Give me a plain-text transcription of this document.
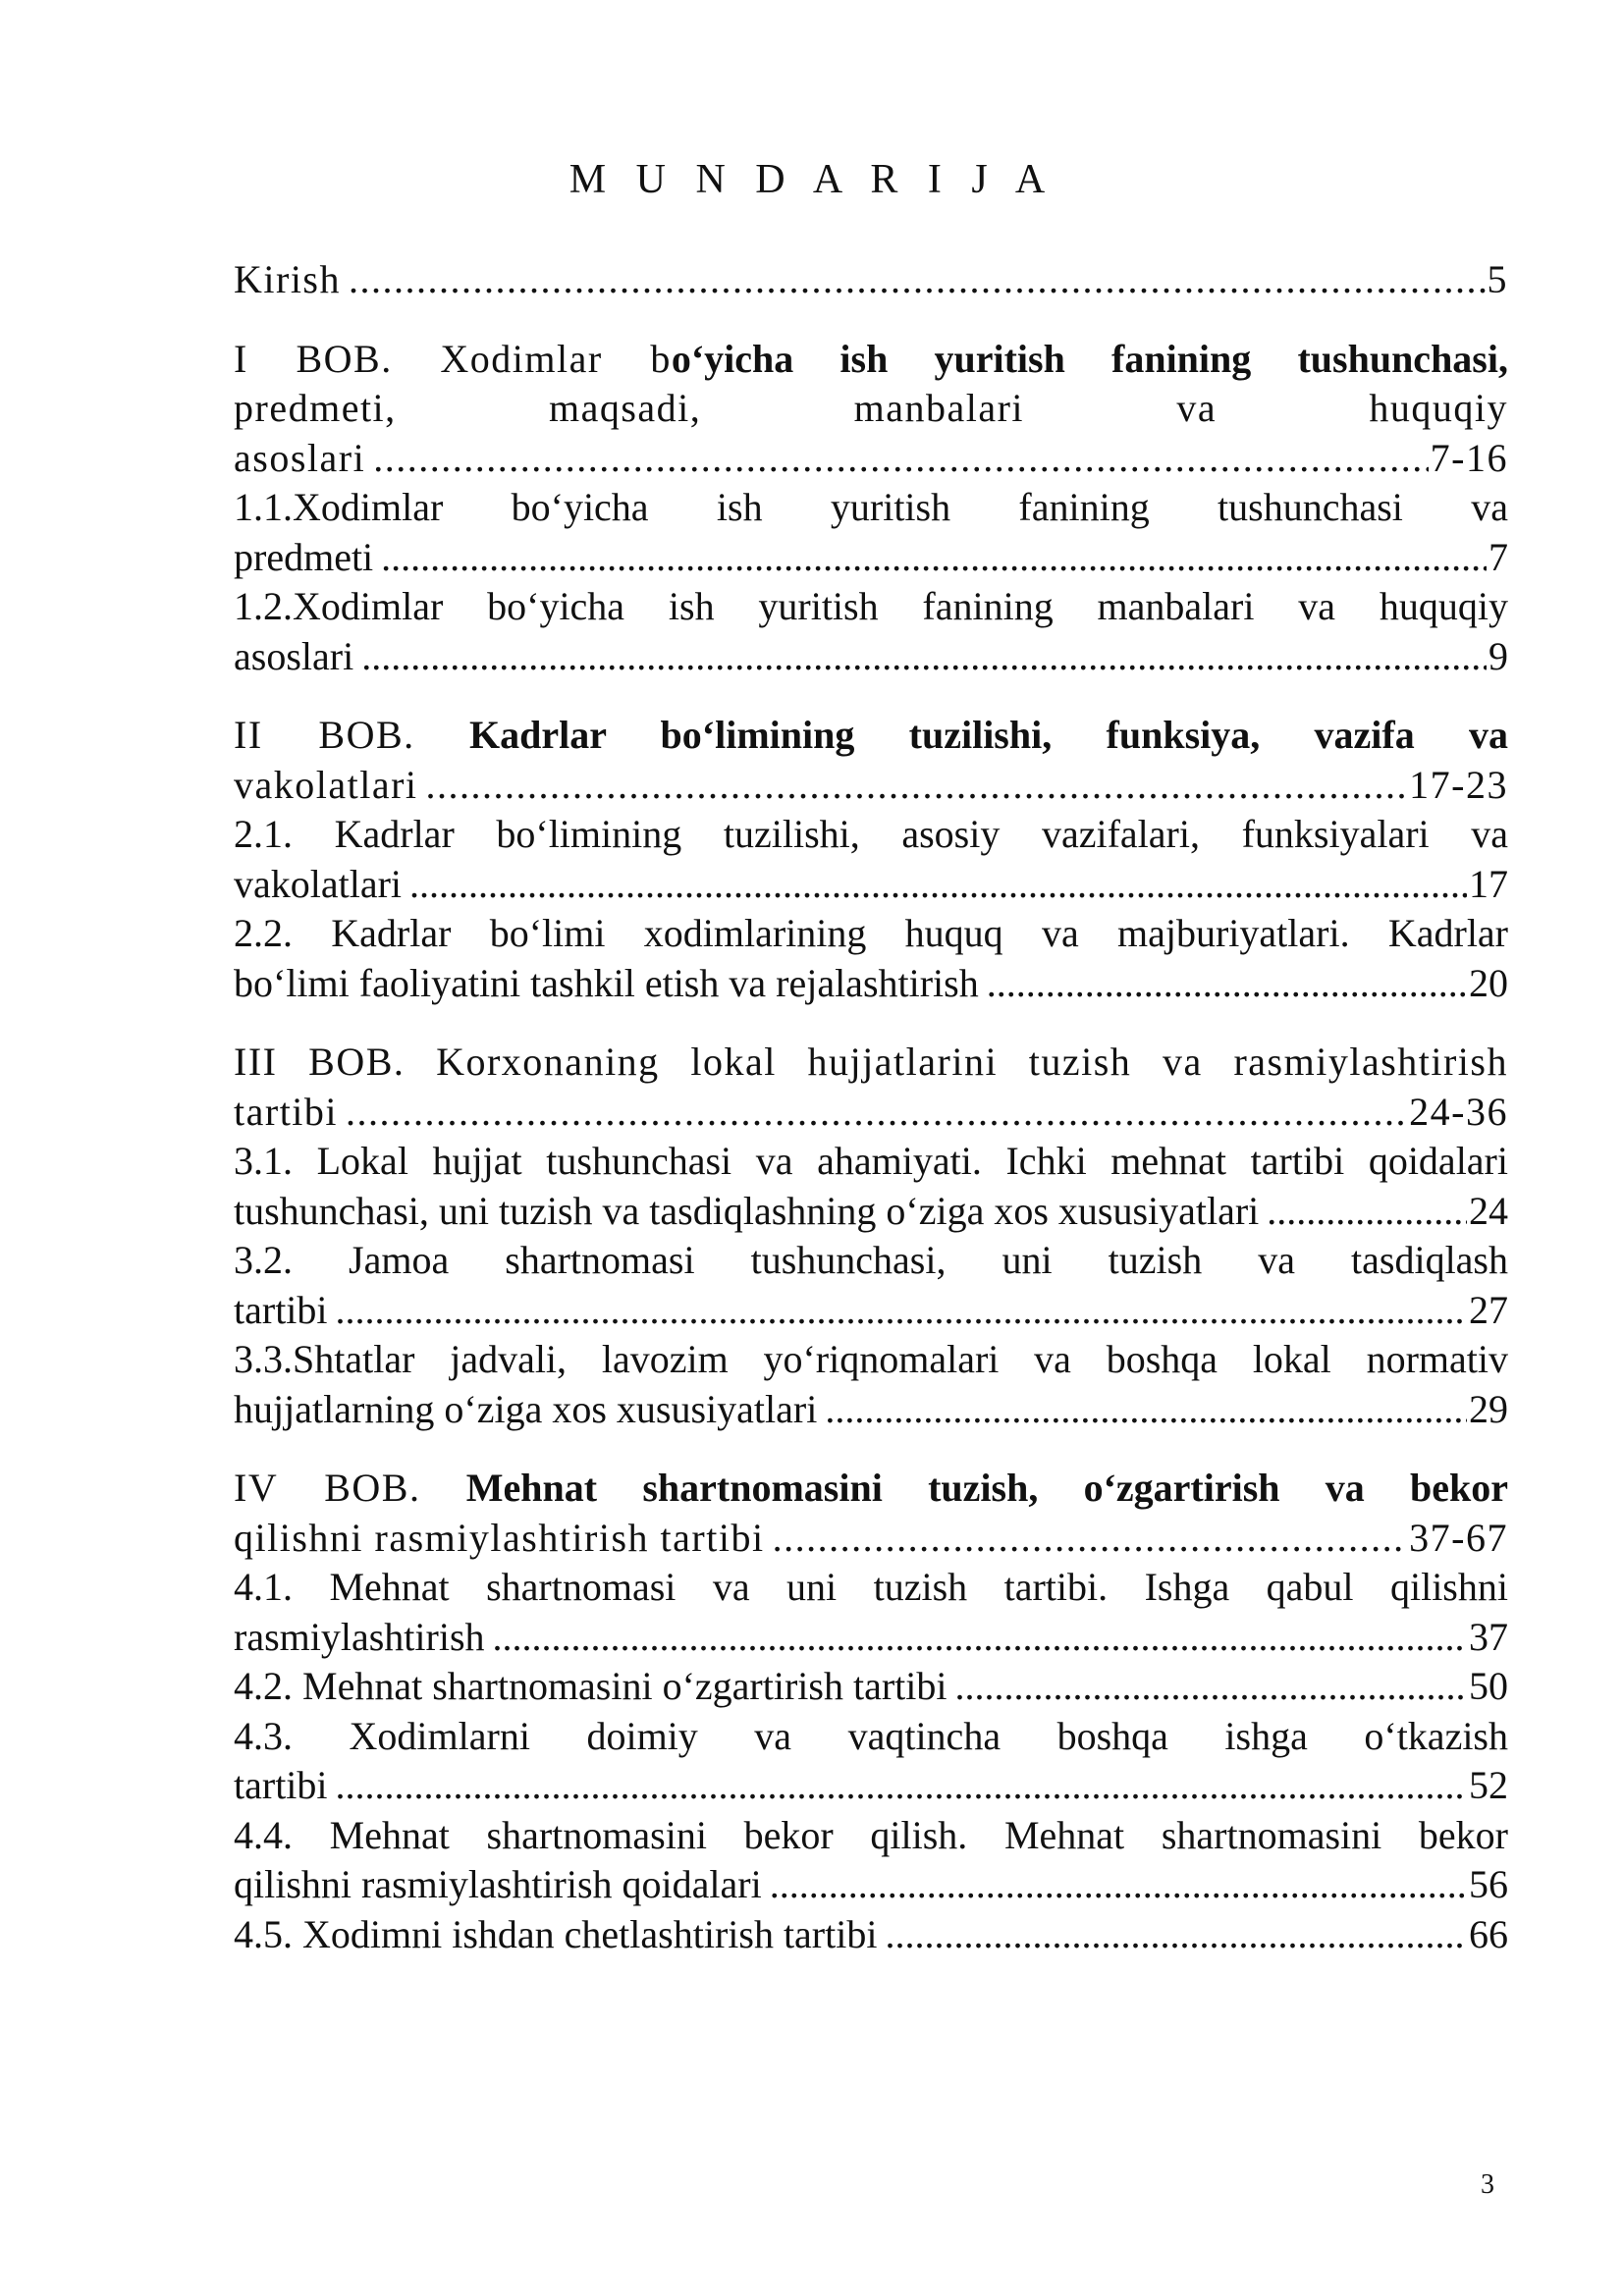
M U N D A R I J A
Kirish .....	5
I BOB. Xodimlar bo‘yicha ish yuritish fanining tushunchasi,
predmeti, maqsadi, manbalari va huquqiy
asoslari .....	7-16
1.1.Xodimlar bo‘yicha ish yuritish fanining tushunchasi va
predmeti .....	7
1.2.Xodimlar bo‘yicha ish yuritish fanining manbalari va huquqiy
asoslari .....	9
II BOB. Kadrlar bo‘limining tuzilishi, funksiya, vazifa va
vakolatlari .....	17-23
2.1. Kadrlar bo‘limining tuzilishi, asosiy vazifalari, funksiyalari va
vakolatlari .....	17
2.2. Kadrlar bo‘limi xodimlarining huquq va majburiyatlari. Kadrlar
bo‘limi faoliyatini tashkil etish va rejalashtirish .....	20
III BOB. Korxonaning lokal hujjatlarini tuzish va rasmiylashtirish
tartibi .....	24-36
3.1. Lokal hujjat tushunchasi va ahamiyati. Ichki mehnat tartibi qoidalari
tushunchasi, uni tuzish va tasdiqlashning o‘ziga xos xususiyatlari .....	24
3.2. Jamoa shartnomasi tushunchasi, uni tuzish va tasdiqlash
tartibi .....	27
3.3.Shtatlar jadvali, lavozim yo‘riqnomalari va boshqa lokal normativ
hujjatlarning o‘ziga xos xususiyatlari .....	29
IV BOB. Mehnat shartnomasini tuzish, o‘zgartirish va bekor
qilishni rasmiylashtirish tartibi .....	37-67
4.1. Mehnat shartnomasi va uni tuzish tartibi. Ishga qabul qilishni
rasmiylashtirish .....	37
4.2. Mehnat shartnomasini o‘zgartirish tartibi .....	50
4.3. Xodimlarni doimiy va vaqtincha boshqa ishga o‘tkazish
tartibi .....	52
4.4. Mehnat shartnomasini bekor qilish. Mehnat shartnomasini bekor
qilishni rasmiylashtirish qoidalari .....	56
4.5. Xodimni ishdan chetlashtirish tartibi .....	66
3
